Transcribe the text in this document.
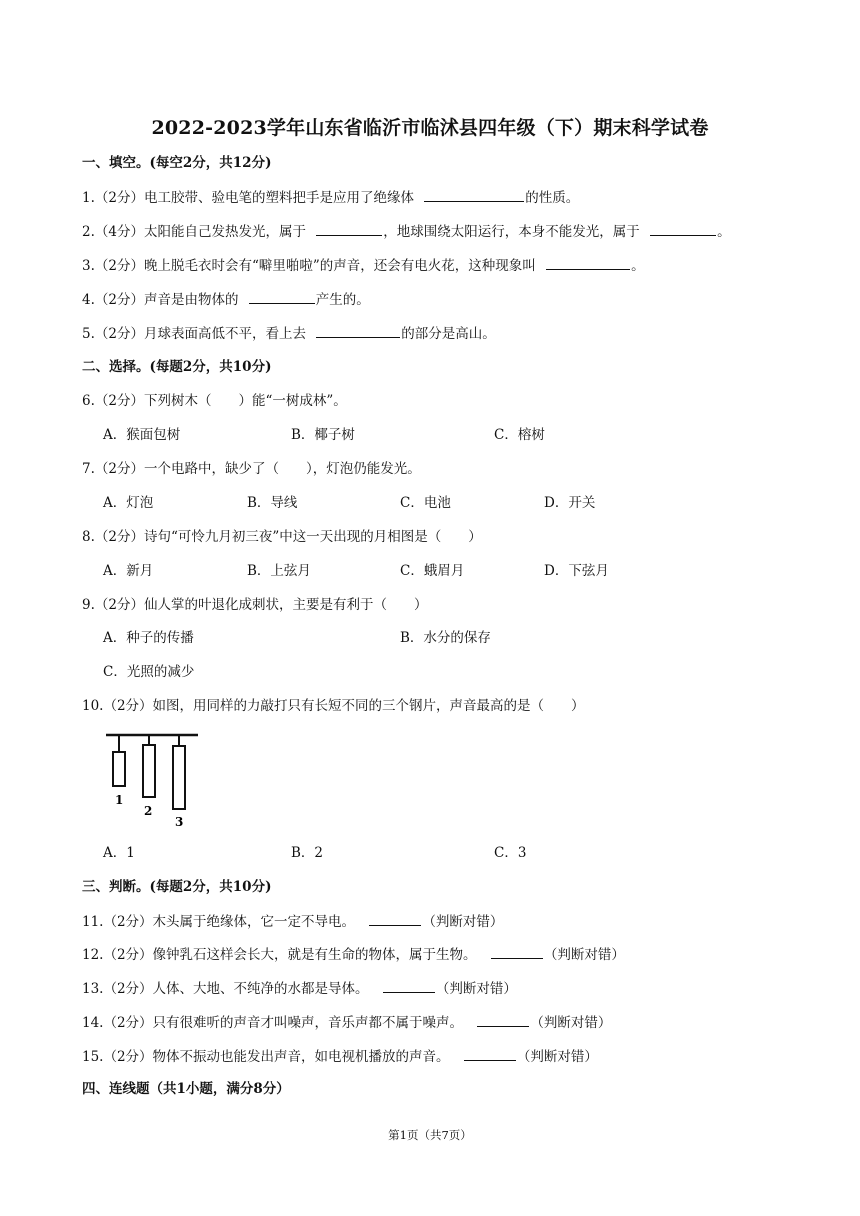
2022-2023学年山东省临沂市临沭县四年级（下）期末科学试卷
一、填空。(每空2分，共12分)
1.（2分）电工胶带、验电笔的塑料把手是应用了绝缘体	的性质。
2.（4分）太阳能自己发热发光，属于	，地球围绕太阳运行，本身不能发光，属于	。
3.（2分）晚上脱毛衣时会有“噼里啪啦”的声音，还会有电火花，这种现象叫	。
4.（2分）声音是由物体的	产生的。
5.（2分）月球表面高低不平，看上去	的部分是高山。
二、选择。(每题2分，共10分)
6.（2分）下列树木（　　）能“一树成林”。
A．猴面包树	B．椰子树	C．榕树
7.（2分）一个电路中，缺少了（　　），灯泡仍能发光。
A．灯泡	B．导线	C．电池	D．开关
8.（2分）诗句“可怜九月初三夜”中这一天出现的月相图是（　　）
A．新月	B．上弦月	C．蛾眉月	D．下弦月
9.（2分）仙人掌的叶退化成刺状，主要是有利于（　　）
A．种子的传播	B．水分的保存
C．光照的减少
10.（2分）如图，用同样的力敲打只有长短不同的三个钢片，声音最高的是（　　）
1
2
3
A．1	B．2	C．3
三、判断。(每题2分，共10分)
11.（2分）木头属于绝缘体，它一定不导电。	（判断对错）
12.（2分）像钟乳石这样会长大，就是有生命的物体，属于生物。	（判断对错）
13.（2分）人体、大地、不纯净的水都是导体。	（判断对错）
14.（2分）只有很难听的声音才叫噪声，音乐声都不属于噪声。	（判断对错）
15.（2分）物体不振动也能发出声音，如电视机播放的声音。	（判断对错）
四、连线题（共1小题，满分8分）
第1页（共7页）
